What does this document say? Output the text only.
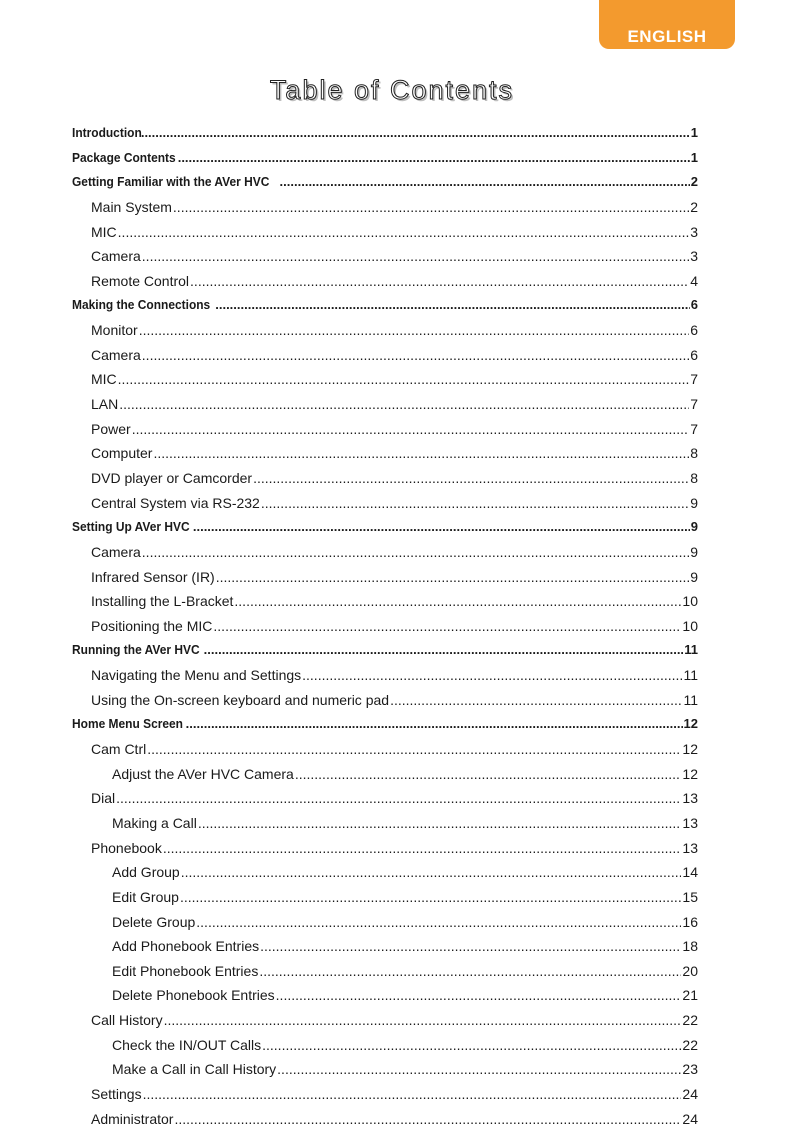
ENGLISH
Table of Contents
Introduction .....	1
Package Contents .....	1
Getting Familiar with the AVer HVC .....	2
Main System .....	2
MIC .....	3
Camera .....	3
Remote Control .....	4
Making the Connections .....	6
Monitor .....	6
Camera .....	6
MIC .....	7
LAN .....	7
Power .....	7
Computer .....	8
DVD player or Camcorder .....	8
Central System via RS-232 .....	9
Setting Up AVer HVC .....	9
Camera .....	9
Infrared Sensor (IR) .....	9
Installing the L-Bracket .....	10
Positioning the MIC .....	10
Running the AVer HVC .....	11
Navigating the Menu and Settings .....	11
Using the On-screen keyboard and numeric pad .....	11
Home Menu Screen .....	12
Cam Ctrl .....	12
Adjust the AVer HVC Camera .....	12
Dial .....	13
Making a Call .....	13
Phonebook .....	13
Add Group .....	14
Edit Group .....	15
Delete Group .....	16
Add Phonebook Entries .....	18
Edit Phonebook Entries .....	20
Delete Phonebook Entries .....	21
Call History .....	22
Check the IN/OUT Calls .....	22
Make a Call in Call History .....	23
Settings .....	24
Administrator .....	24
